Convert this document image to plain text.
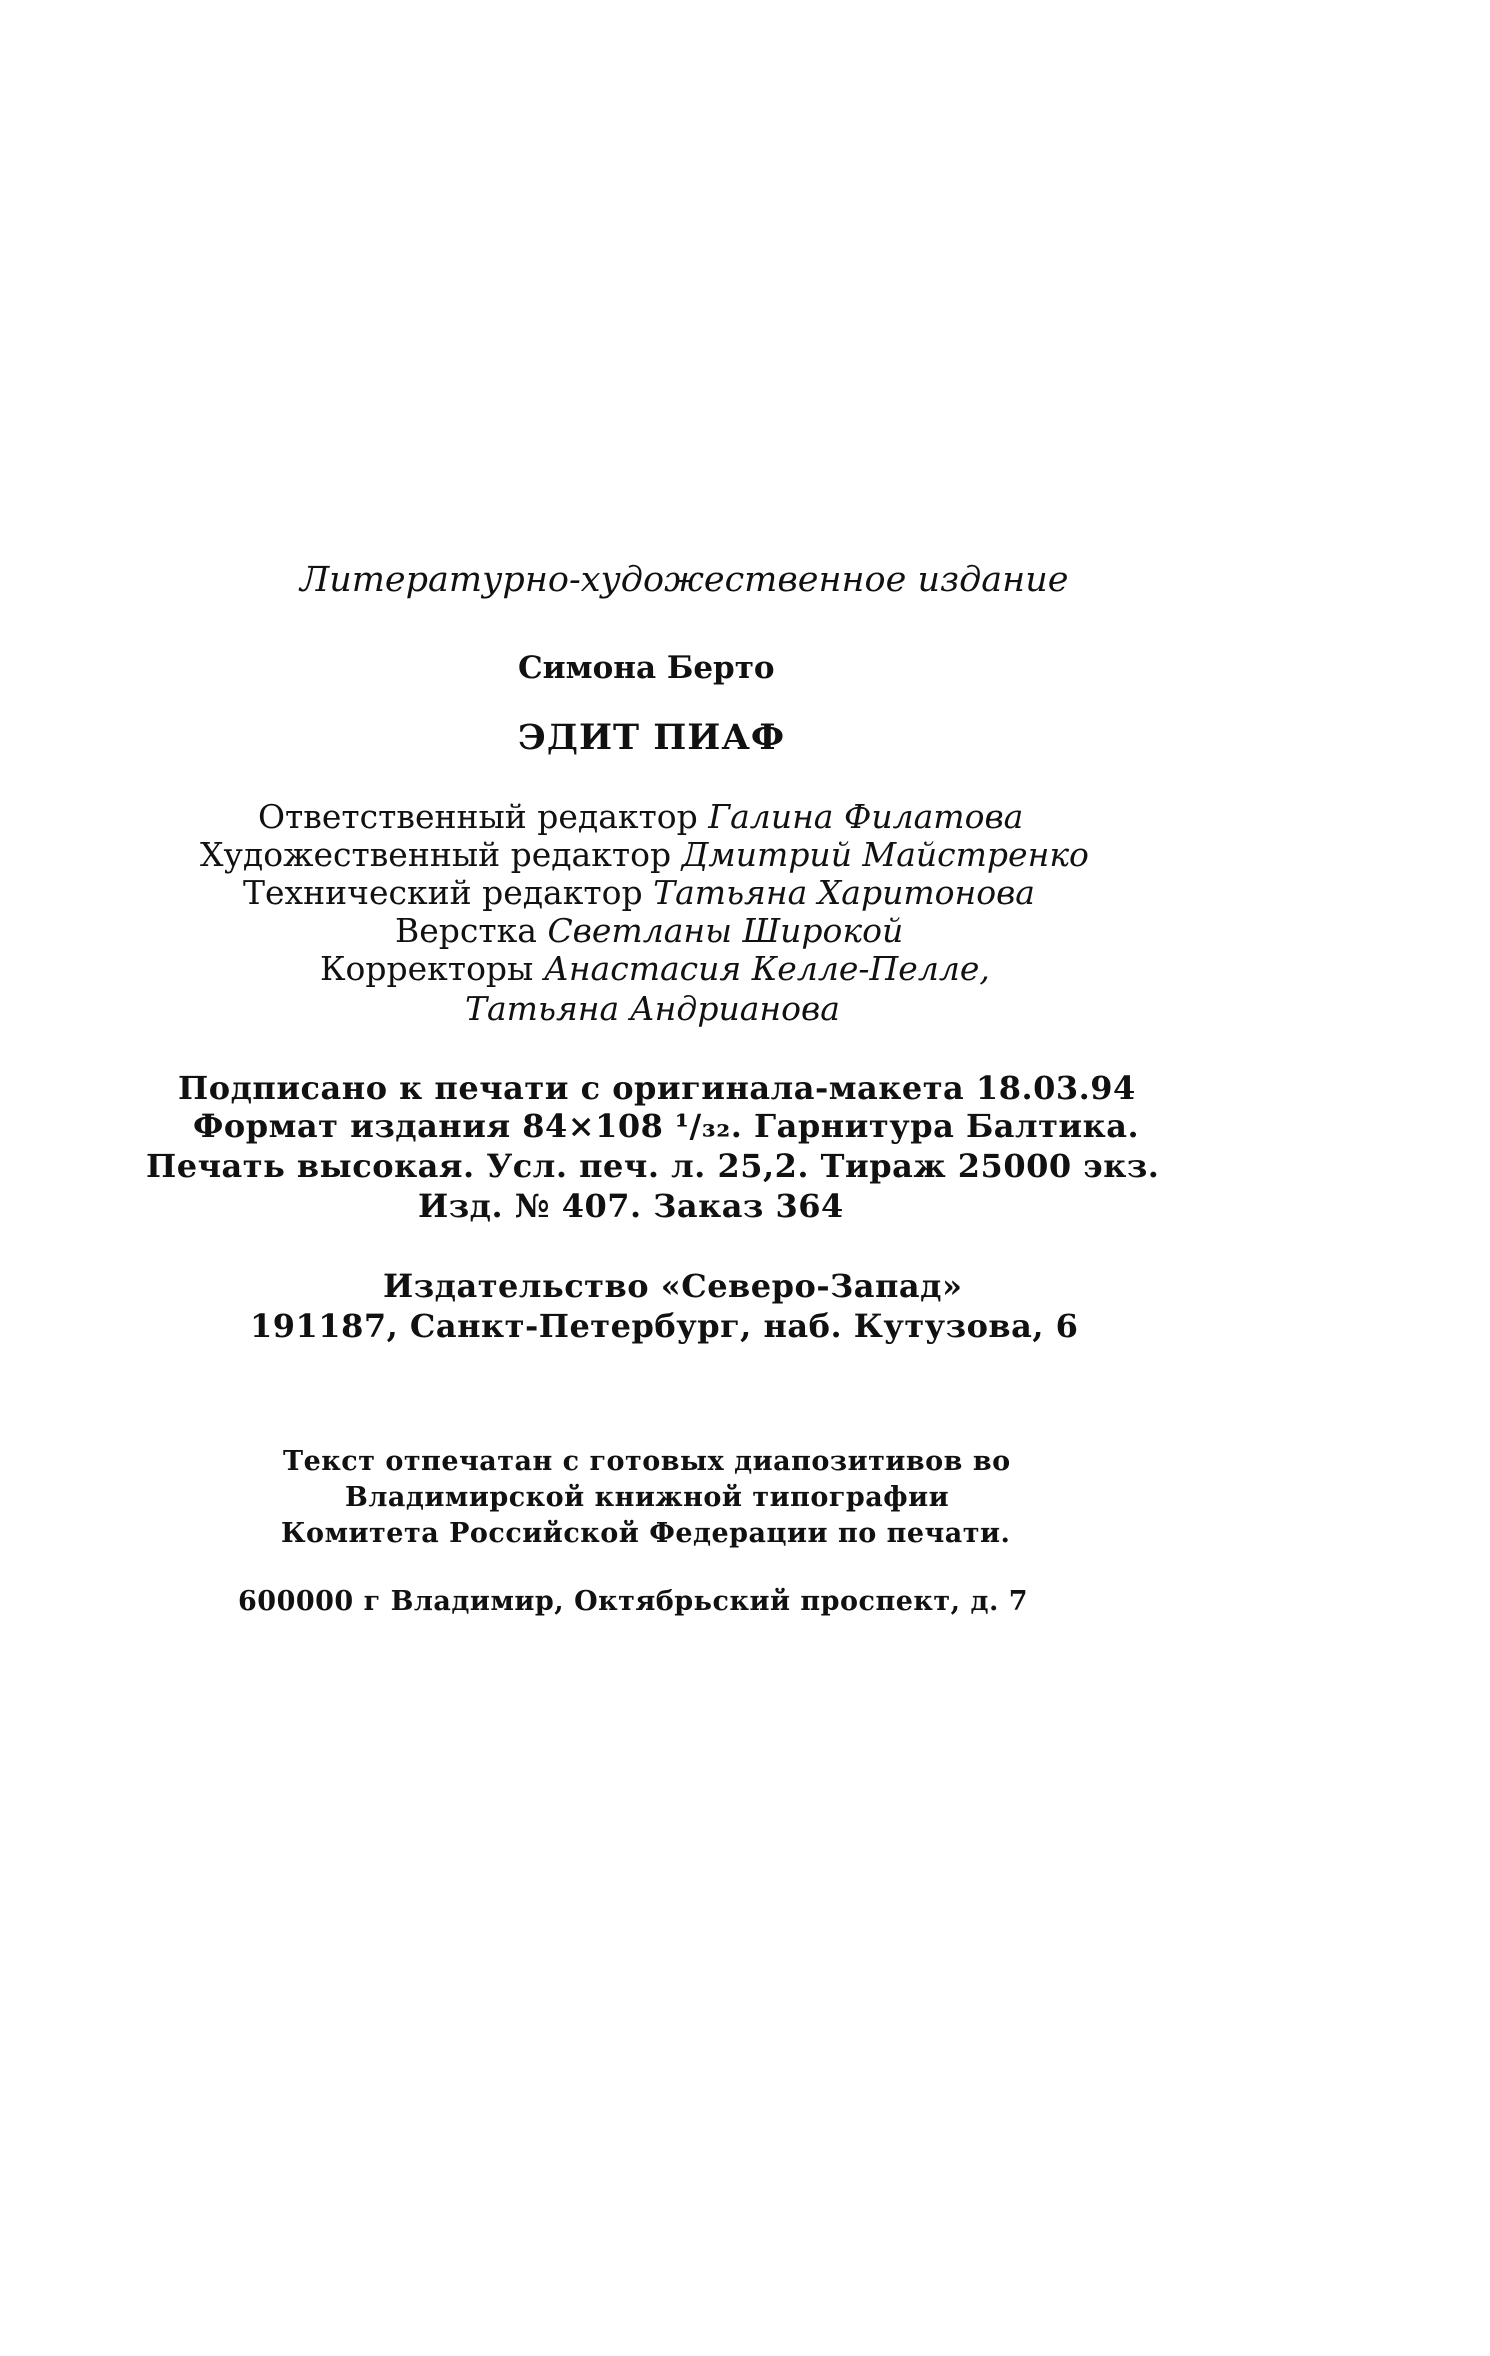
Литературно-художественное издание
Симона Берто
ЭДИТ ПИАФ
Ответственный редактор Галина Филатова
Художественный редактор Дмитрий Майстренко
Технический редактор Татьяна Харитонова
Верстка Светланы Широкой
Корректоры Анастасия Келле-Пелле,
Татьяна Андрианова
Подписано к печати с оригинала-макета 18.03.94
Формат издания 84×108 ¹/₃₂. Гарнитура Балтика.
Печать высокая. Усл. печ. л. 25,2. Тираж 25000 экз.
Изд. № 407. Заказ 364
Издательство «Северо-Запад»
191187, Санкт-Петербург, наб. Кутузова, 6
Текст отпечатан с готовых диапозитивов во
Владимирской книжной типографии
Комитета Российской Федерации по печати.
600000 г Владимир, Октябрьский проспект, д. 7
